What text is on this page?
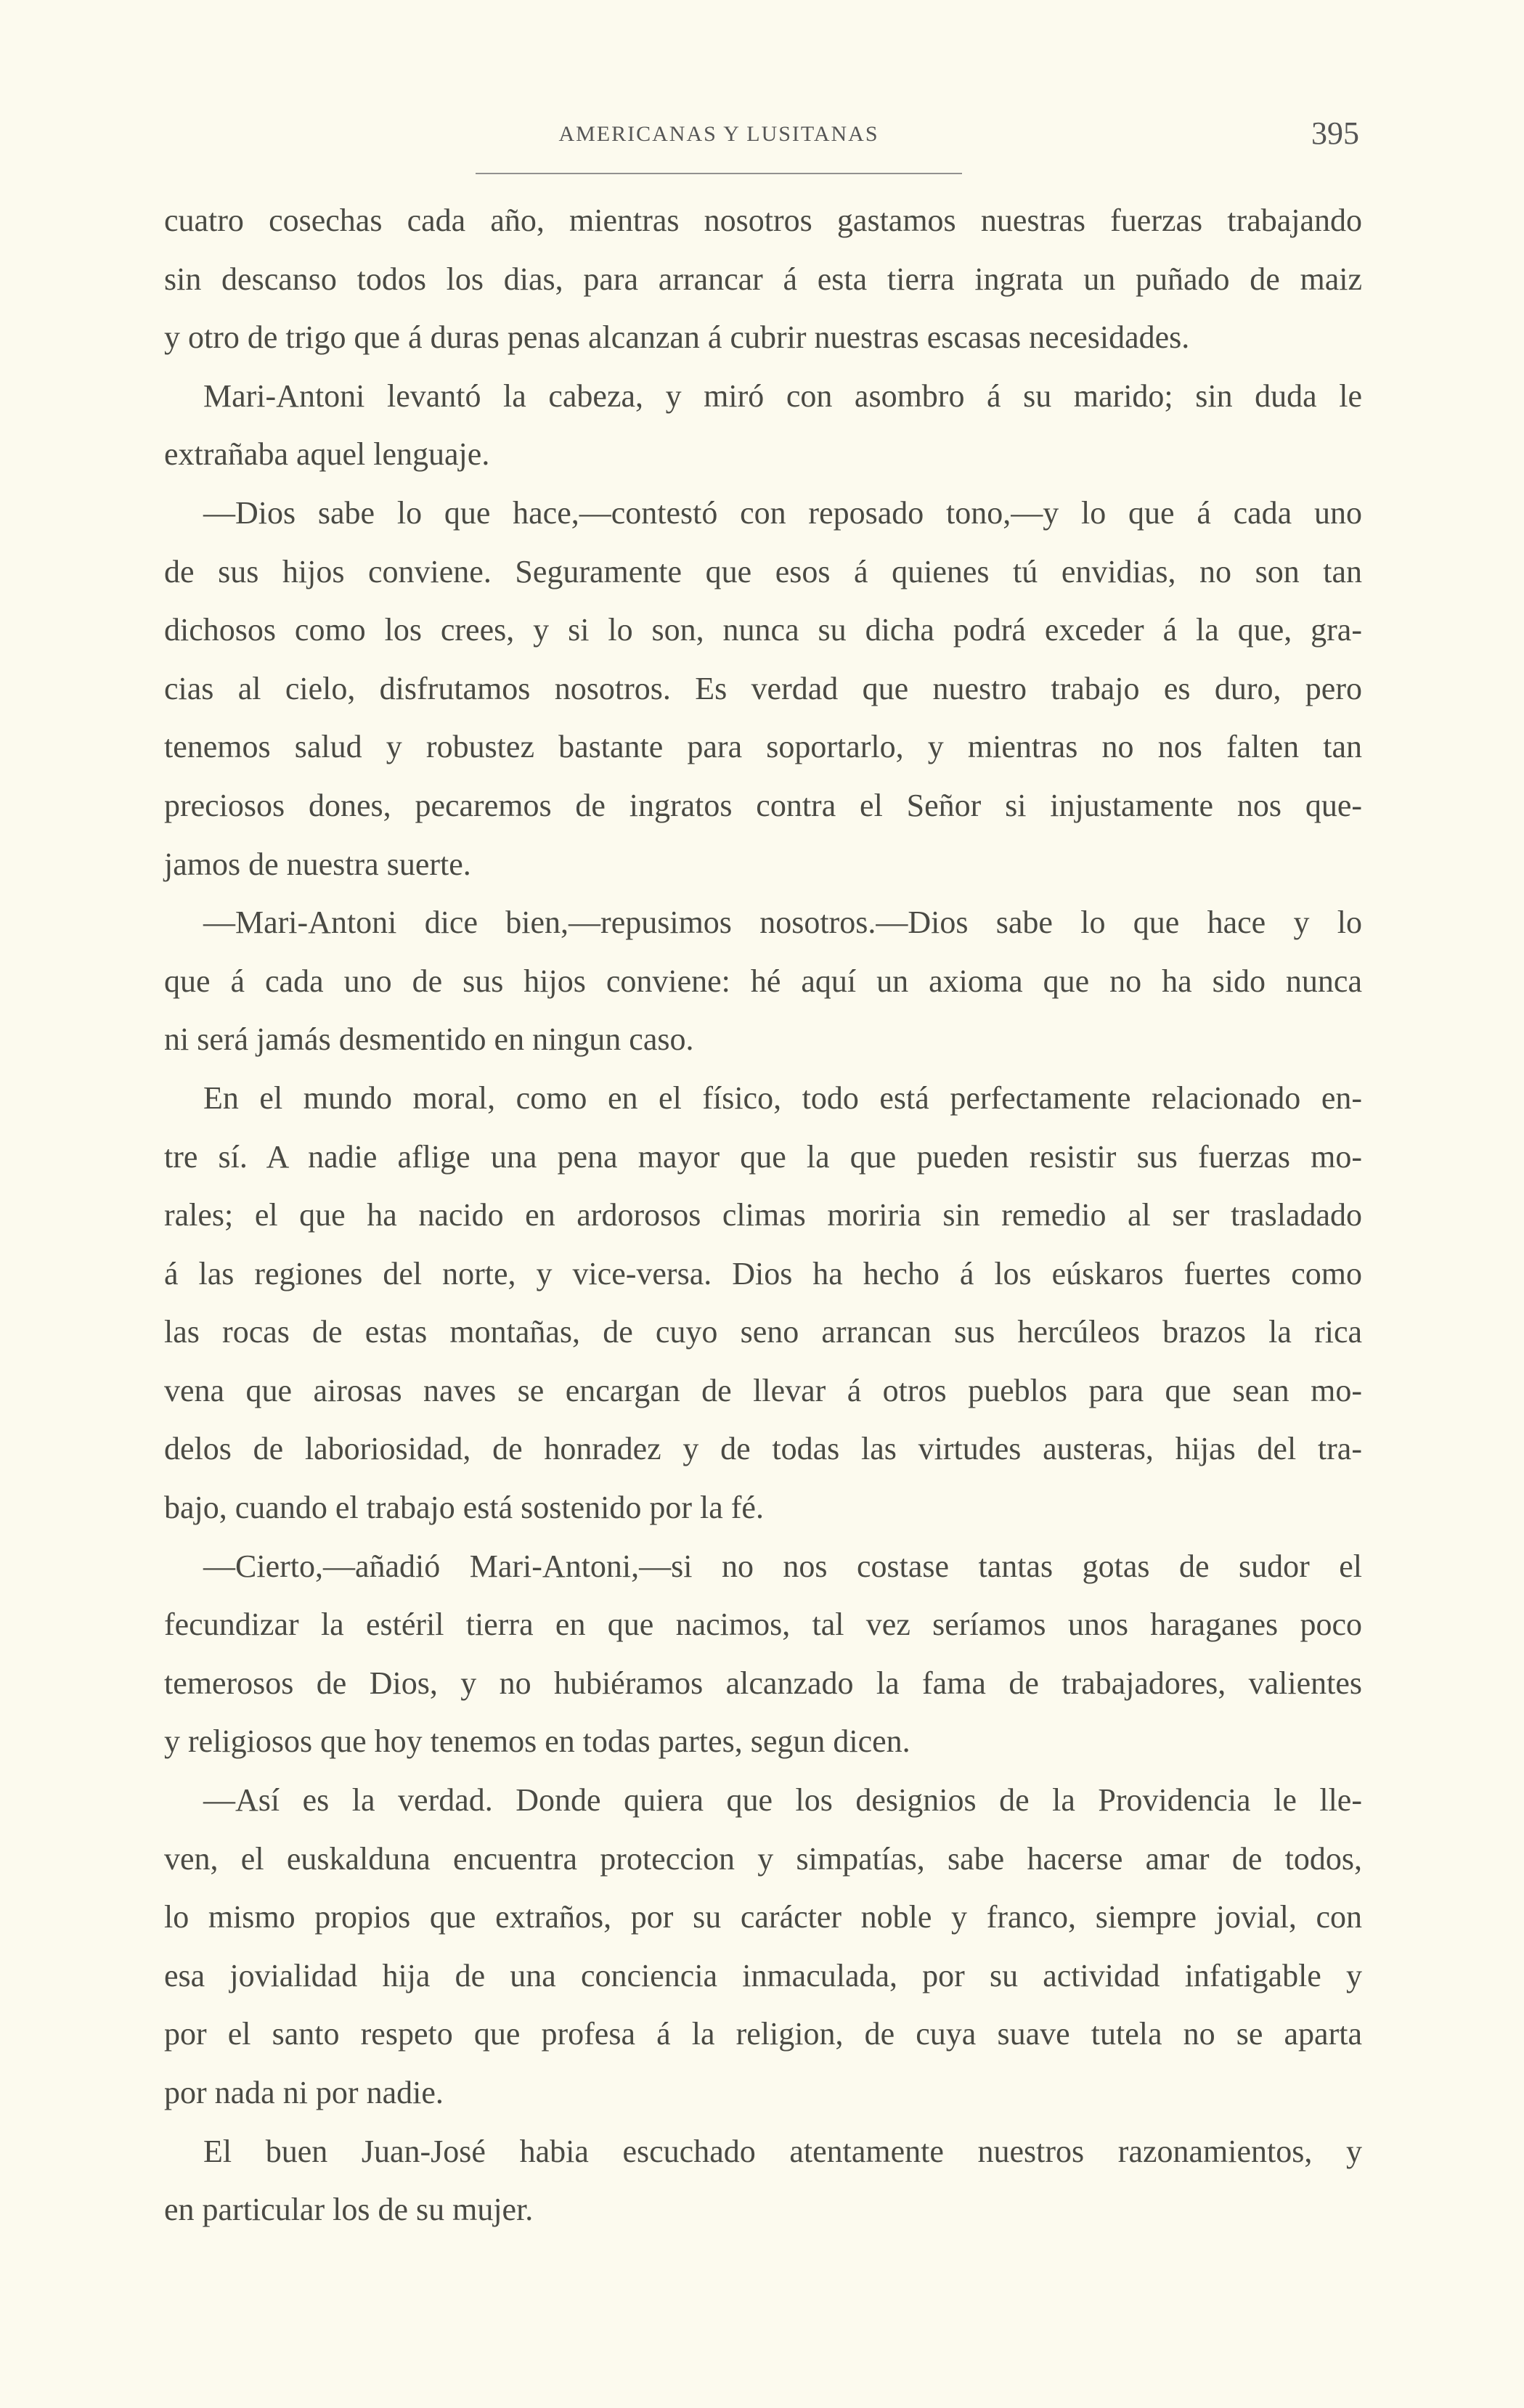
AMERICANAS Y LUSITANAS	395
cuatro cosechas cada año, mientras nosotros gastamos nuestras fuerzas trabajando
sin descanso todos los dias, para arrancar á esta tierra ingrata un puñado de maiz
y otro de trigo que á duras penas alcanzan á cubrir nuestras escasas necesidades.
Mari-Antoni levantó la cabeza, y miró con asombro á su marido; sin duda le
extrañaba aquel lenguaje.
—Dios sabe lo que hace,—contestó con reposado tono,—y lo que á cada uno
de sus hijos conviene. Seguramente que esos á quienes tú envidias, no son tan
dichosos como los crees, y si lo son, nunca su dicha podrá exceder á la que, gra-
cias al cielo, disfrutamos nosotros. Es verdad que nuestro trabajo es duro, pero
tenemos salud y robustez bastante para soportarlo, y mientras no nos falten tan
preciosos dones, pecaremos de ingratos contra el Señor si injustamente nos que-
jamos de nuestra suerte.
—Mari-Antoni dice bien,—repusimos nosotros.—Dios sabe lo que hace y lo
que á cada uno de sus hijos conviene: hé aquí un axioma que no ha sido nunca
ni será jamás desmentido en ningun caso.
En el mundo moral, como en el físico, todo está perfectamente relacionado en-
tre sí. A nadie aflige una pena mayor que la que pueden resistir sus fuerzas mo-
rales; el que ha nacido en ardorosos climas moriria sin remedio al ser trasladado
á las regiones del norte, y vice-versa. Dios ha hecho á los eúskaros fuertes como
las rocas de estas montañas, de cuyo seno arrancan sus hercúleos brazos la rica
vena que airosas naves se encargan de llevar á otros pueblos para que sean mo-
delos de laboriosidad, de honradez y de todas las virtudes austeras, hijas del tra-
bajo, cuando el trabajo está sostenido por la fé.
—Cierto,—añadió Mari-Antoni,—si no nos costase tantas gotas de sudor el
fecundizar la estéril tierra en que nacimos, tal vez seríamos unos haraganes poco
temerosos de Dios, y no hubiéramos alcanzado la fama de trabajadores, valientes
y religiosos que hoy tenemos en todas partes, segun dicen.
—Así es la verdad. Donde quiera que los designios de la Providencia le lle-
ven, el euskalduna encuentra proteccion y simpatías, sabe hacerse amar de todos,
lo mismo propios que extraños, por su carácter noble y franco, siempre jovial, con
esa jovialidad hija de una conciencia inmaculada, por su actividad infatigable y
por el santo respeto que profesa á la religion, de cuya suave tutela no se aparta
por nada ni por nadie.
El buen Juan-José habia escuchado atentamente nuestros razonamientos, y
en particular los de su mujer.
